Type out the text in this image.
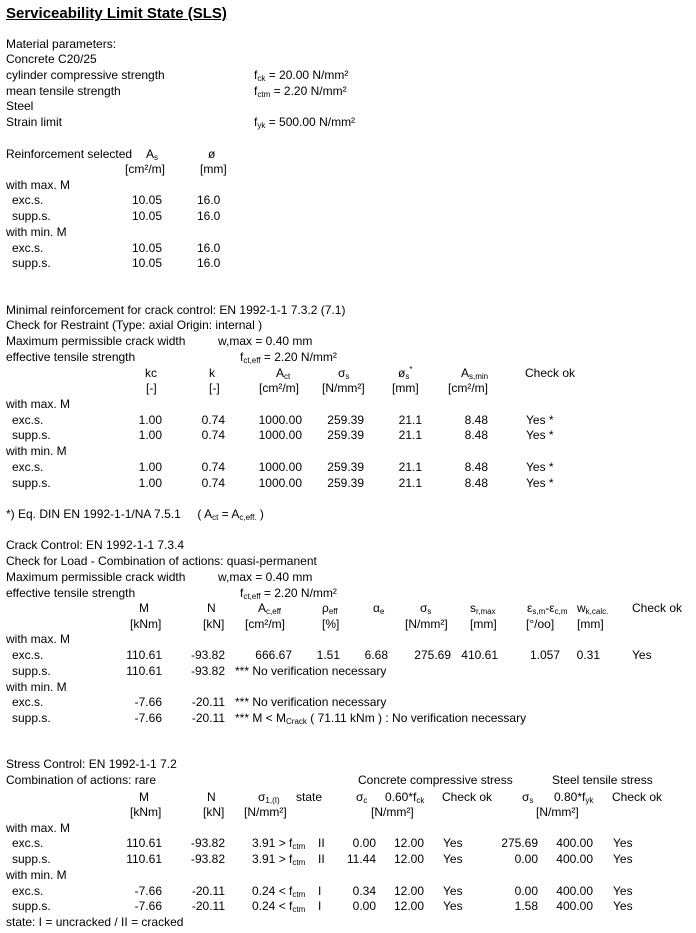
Serviceability Limit State (SLS)
Material parameters:
Concrete C20/25
cylinder compressive strength	$f_{ck} = 20.00$ N/mm²
mean tensile strength	$f_{ctm} = 2.20$ N/mm²
Steel
Strain limit	$f_{yk} = 500.00$ N/mm²
Reinforcement selected $A_s$	ø
[cm²/m]	[mm]
with max. M
exc.s.	10.05	16.0
supp.s.	10.05	16.0
with min. M
exc.s.	10.05	16.0
supp.s.	10.05	16.0
Minimal reinforcement for crack control: EN 1992-1-1 7.3.2 (7.1)
Check for Restraint (Type: axial Origin: internal )
Maximum permissible crack width	w,max = 0.40 mm
effective tensile strength	$f_{ct,eff} = 2.20$ N/mm²
kc	k	$A_{ct}$	$\sigma_s$	$ø_s^*$	$A_{s,min}$	Check ok
[-]	[-]	[cm²/m] [N/mm²] [mm] [cm²/m]
with max. M
exc.s.	1.00	0.74	1000.00	259.39	21.1	8.48	Yes *
supp.s.	1.00	0.74	1000.00	259.39	21.1	8.48	Yes *
with min. M
exc.s.	1.00	0.74	1000.00	259.39	21.1	8.48	Yes *
supp.s.	1.00	0.74	1000.00	259.39	21.1	8.48	Yes *
*) Eq. DIN EN 1992-1-1/NA 7.5.1 ( $A_{ct} = A_{c,eff.}$ )
Crack Control: EN 1992-1-1 7.3.4
Check for Load - Combination of actions: quasi-permanent
Maximum permissible crack width	w,max = 0.40 mm
effective tensile strength	$f_{ct,eff} = 2.20$ N/mm²
M	N	$A_{c,eff}$	$\rho_{eff}$	$\alpha_e$	$\sigma_s$	$s_{r,max}$	$\varepsilon_{s,m}-\varepsilon_{c,m}$ $w_{k,calc.}$ Check ok
[kNm]	[kN] [cm²/m]	[%]	[N/mm²] [mm] [°/oo] [mm]
with max. M
exc.s.	110.61	-93.82	666.67	1.51	6.68	275.69 410.61	1.057	0.31	Yes
supp.s.	110.61	-93.82 *** No verification necessary
with min. M
exc.s.	-7.66	-20.11 *** No verification necessary
supp.s.	-7.66	-20.11 *** $M < M_{Crack}$ ( 71.11 kNm ) : No verification necessary
Stress Control: EN 1992-1-1 7.2
Combination of actions: rare	Concrete compressive stress	Steel tensile stress
M	N	$\sigma_{1,(I)}$ state	$\sigma_c$ $0.60*f_{ck}$ Check ok $\sigma_s$ $0.80*f_{yk}$ Check ok
[kNm]	[kN] [N/mm²]	[N/mm²]	[N/mm²]
with max. M
exc.s.	110.61	-93.82 $3.91 > f_{ctm}$ II	0.00	12.00 Yes	275.69	400.00 Yes
supp.s.	110.61	-93.82 $3.91 > f_{ctm}$ II	11.44	12.00 Yes	0.00	400.00 Yes
with min. M
exc.s.	-7.66	-20.11 $0.24 < f_{ctm}$ I	0.34	12.00 Yes	0.00	400.00 Yes
supp.s.	-7.66	-20.11 $0.24 < f_{ctm}$ I	0.00	12.00 Yes	1.58	400.00 Yes
state: I = uncracked / II = cracked
